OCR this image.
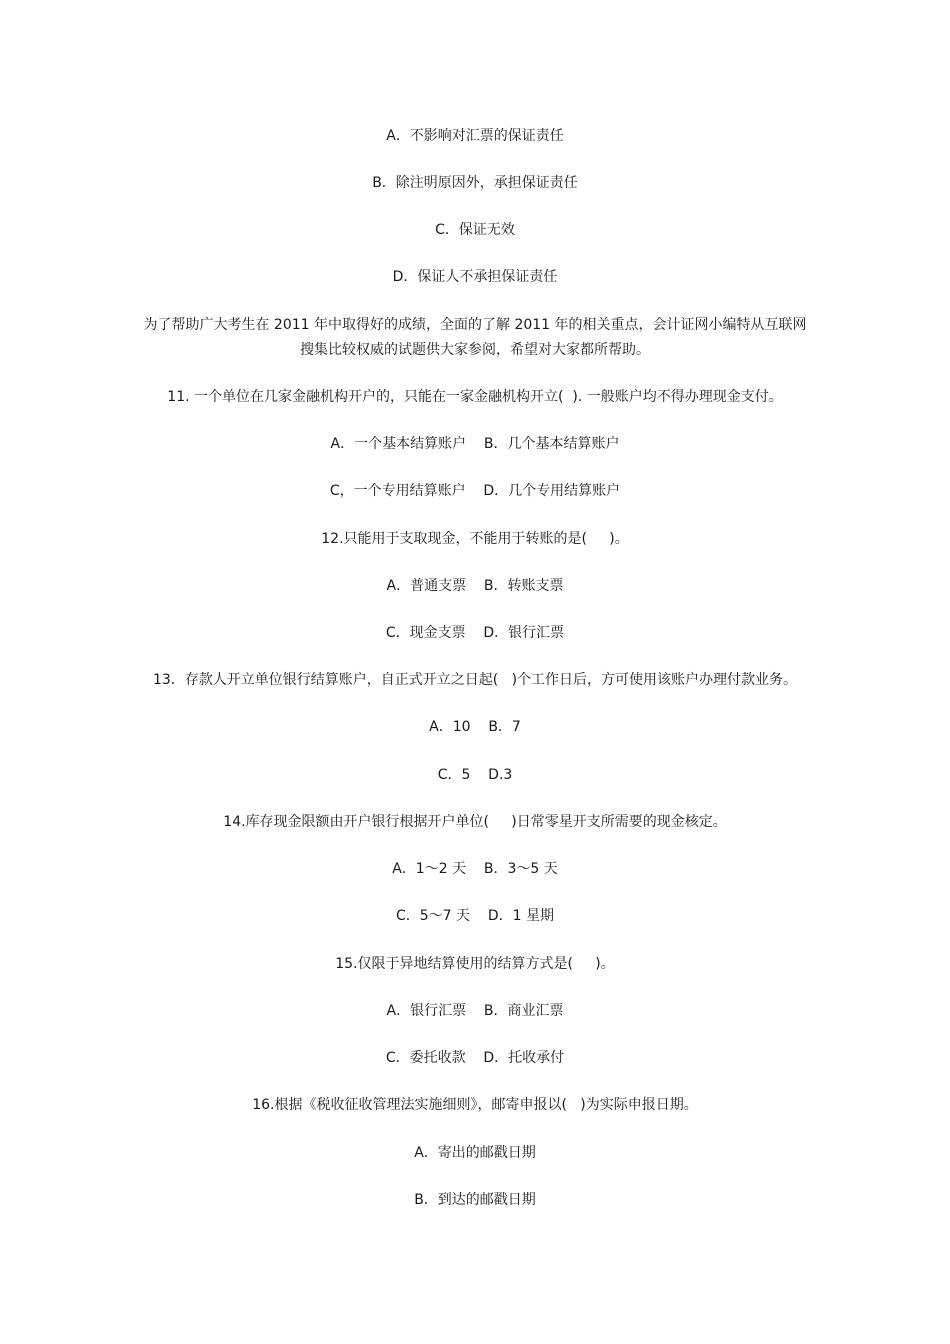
A．不影响对汇票的保证责任
B．除注明原因外，承担保证责任
C．保证无效
D．保证人不承担保证责任
为了帮助广大考生在 2011 年中取得好的成绩，全面的了解 2011 年的相关重点，会计证网小编特从互联网搜集比较权威的试题供大家参阅，希望对大家都所帮助。
11. 一个单位在几家金融机构开户的，只能在一家金融机构开立(  ). 一般账户均不得办理现金支付。
A．一个基本结算账户    B．几个基本结算账户
C，一个专用结算账户    D．几个专用结算账户
12.只能用于支取现金，不能用于转账的是(     )。
A．普通支票    B．转账支票
C．现金支票    D．银行汇票
13．存款人开立单位银行结算账户，自正式开立之日起(   )个工作日后，方可使用该账户办理付款业务。
A．10    B．7
C．5    D.3
14.库存现金限额由开户银行根据开户单位(     )日常零星开支所需要的现金核定。
A．1～2 天    B．3～5 天
C．5～7 天    D．1 星期
15.仅限于异地结算使用的结算方式是(     )。
A．银行汇票    B．商业汇票
C．委托收款    D．托收承付
16.根据《税收征收管理法实施细则》，邮寄申报以(   )为实际申报日期。
A．寄出的邮戳日期
B．到达的邮戳日期
